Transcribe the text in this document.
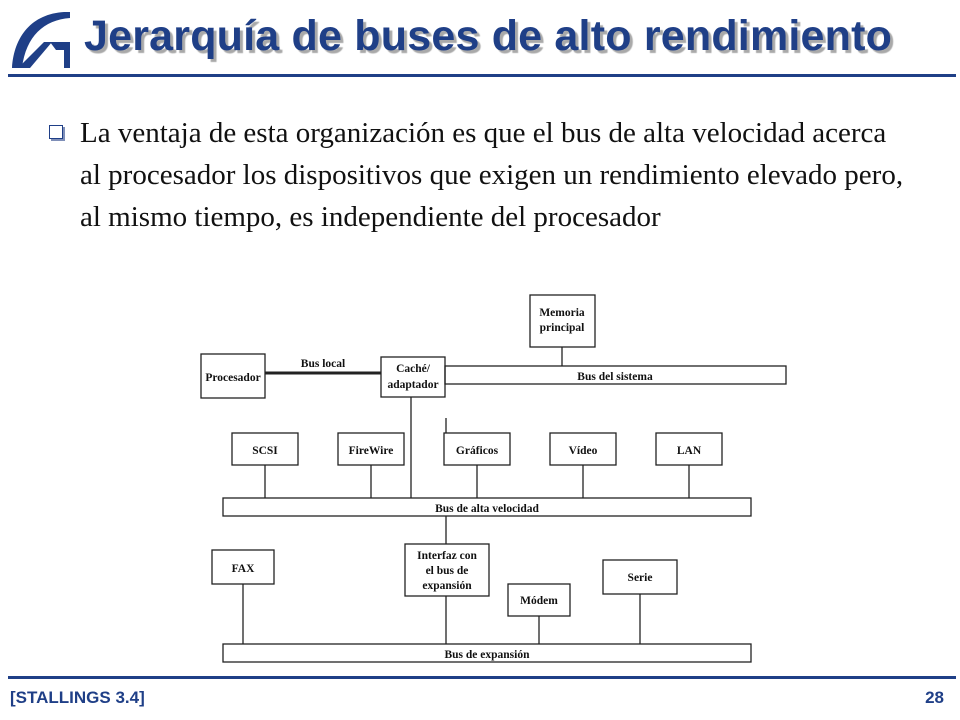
Jerarquía de buses de alto rendimiento
La ventaja de esta organización es que el bus de alta velocidad acerca al procesador los dispositivos que exigen un rendimiento elevado pero, al mismo tiempo, es independiente del procesador
Memoria
principal
Procesador
Bus local	Caché/
adaptador
Bus del sistema
SCSI	FireWire	Gráficos	Vídeo	LAN
Bus de alta velocidad
FAX
Interfaz con
el bus de
expansión
Módem
Serie
Bus de expansión
[STALLINGS 3.4]	28
